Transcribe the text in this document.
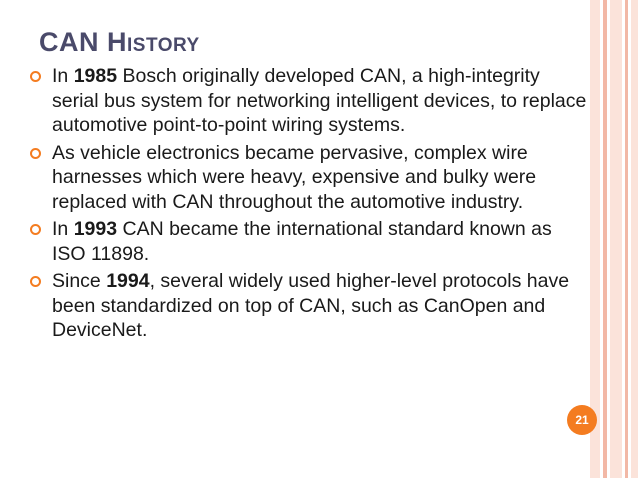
CAN History
In 1985 Bosch originally developed CAN, a high-integrity serial bus system for networking intelligent devices, to replace automotive point-to-point wiring systems.
As vehicle electronics became pervasive, complex wire harnesses which were heavy, expensive and bulky were replaced with CAN throughout the automotive industry.
In 1993 CAN became the international standard known as ISO 11898.
Since 1994, several widely used higher-level protocols have been standardized on top of CAN, such as CanOpen and DeviceNet.
21
